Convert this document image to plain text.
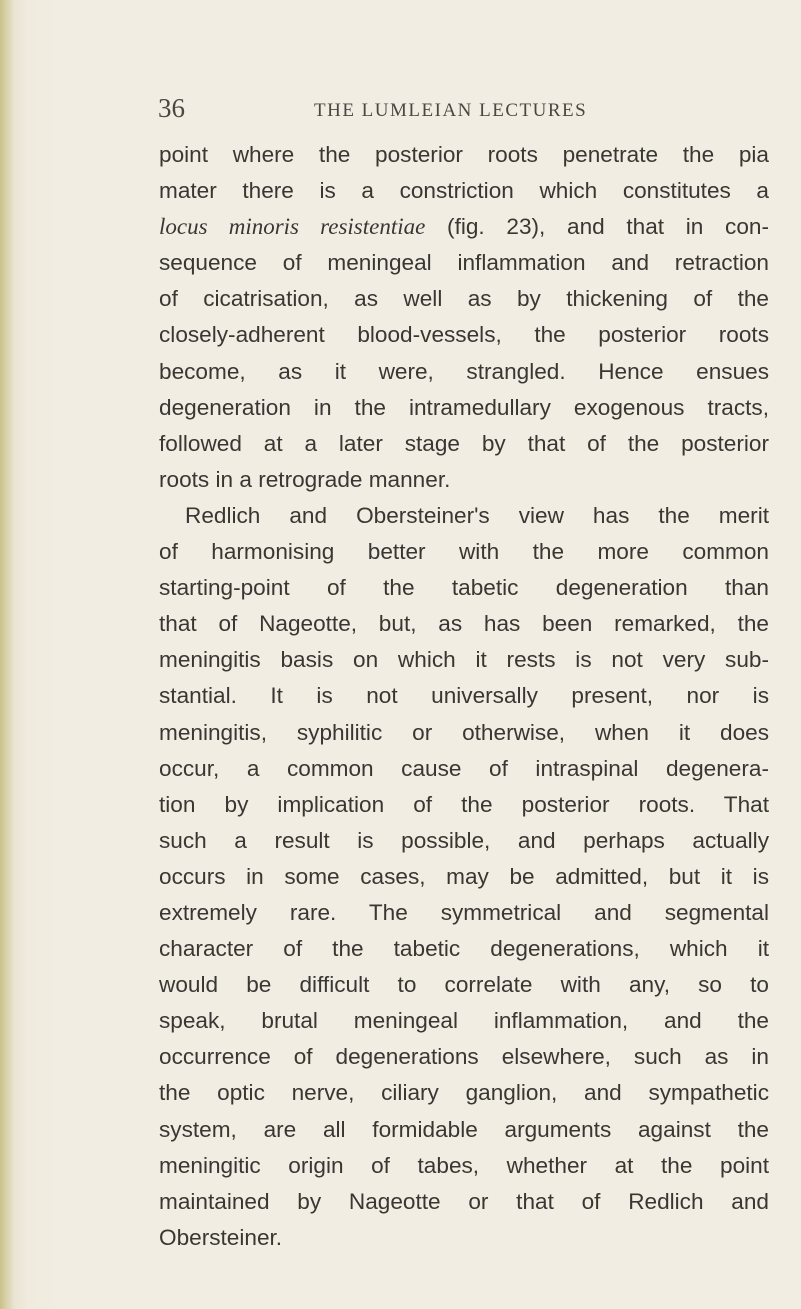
36	THE LUMLEIAN LECTURES
point where the posterior roots penetrate the pia
mater there is a constriction which constitutes a
locus minoris resistentiae (fig. 23), and that in con-
sequence of meningeal inflammation and retraction
of cicatrisation, as well as by thickening of the
closely-adherent blood-vessels, the posterior roots
become, as it were, strangled. Hence ensues
degeneration in the intramedullary exogenous tracts,
followed at a later stage by that of the posterior
roots in a retrograde manner.
Redlich and Obersteiner's view has the merit
of harmonising better with the more common
starting-point of the tabetic degeneration than
that of Nageotte, but, as has been remarked, the
meningitis basis on which it rests is not very sub-
stantial. It is not universally present, nor is
meningitis, syphilitic or otherwise, when it does
occur, a common cause of intraspinal degenera-
tion by implication of the posterior roots. That
such a result is possible, and perhaps actually
occurs in some cases, may be admitted, but it is
extremely rare. The symmetrical and segmental
character of the tabetic degenerations, which it
would be difficult to correlate with any, so to
speak, brutal meningeal inflammation, and the
occurrence of degenerations elsewhere, such as in
the optic nerve, ciliary ganglion, and sympathetic
system, are all formidable arguments against the
meningitic origin of tabes, whether at the point
maintained by Nageotte or that of Redlich and
Obersteiner.
